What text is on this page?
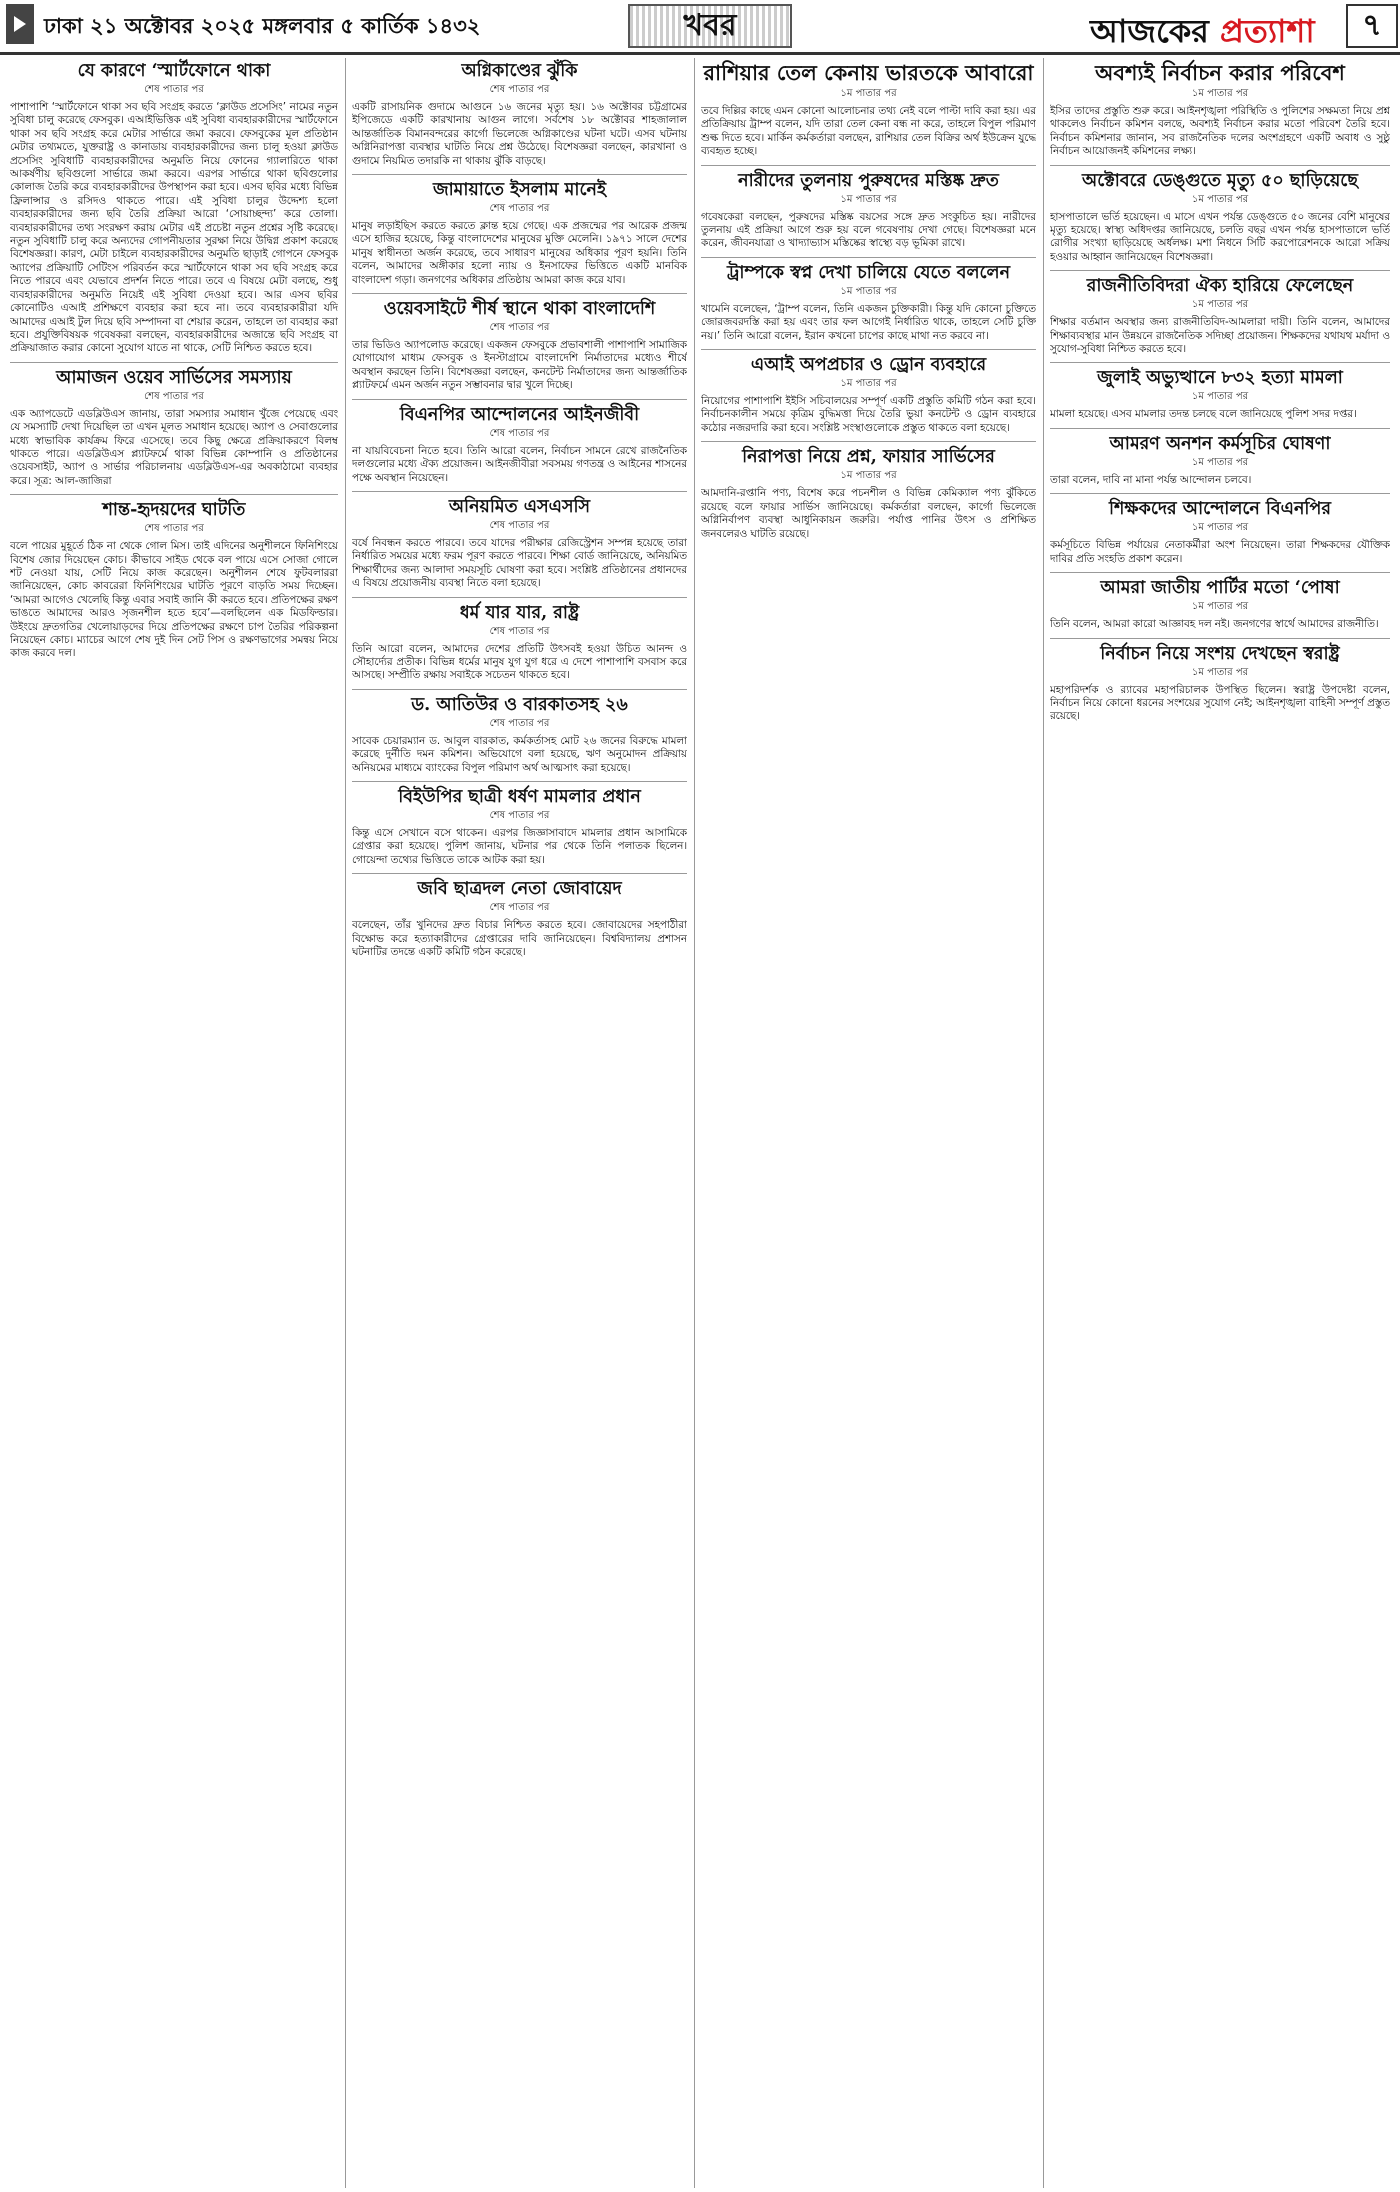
ঢাকা ২১ অক্টোবর ২০২৫ মঙ্গলবার ৫ কার্তিক ১৪৩২	খবর	আজকের প্রত্যাশা	৭
যে কারণে ‘স্মার্টফোনে থাকা
শেষ পাতার পর

পাশাপাশি ‘স্মার্টফোনে থাকা সব ছবি সংগ্রহ করতে ‘ক্লাউড প্রসেসিং’ নামের নতুন সুবিধা চালু করেছে ফেসবুক। এআইভিত্তিক এই সুবিধা ব্যবহারকারীদের স্মার্টফোনে থাকা সব ছবি সংগ্রহ করে মেটার সার্ভারে জমা করবে। ফেসবুকের মূল প্রতিষ্ঠান মেটার তথ্যমতে, যুক্তরাষ্ট্র ও কানাডায় ব্যবহারকারীদের জন্য চালু হওয়া ক্লাউড প্রসেসিং সুবিধাটি ব্যবহারকারীদের অনুমতি নিয়ে ফোনের গ্যালারিতে থাকা আকর্ষণীয় ছবিগুলো সার্ভারে জমা করবে। এরপর সার্ভারে থাকা ছবিগুলোর কোলাজ তৈরি করে ব্যবহারকারীদের উপস্থাপন করা হবে। এসব ছবির মধ্যে বিভিন্ন ফ্রিলান্সার ও রসিদও থাকতে পারে। এই সুবিধা চালুর উদ্দেশ্য হলো ব্যবহারকারীদের জন্য ছবি তৈরি প্রক্রিয়া আরো ‘সোয়াচ্ছন্দ্য’ করে তোলা। ব্যবহারকারীদের তথ্য সংরক্ষণ করায় মেটার এই প্রচেষ্টা নতুন প্রশ্নের সৃষ্টি করেছে। নতুন সুবিধাটি চালু করে অন্যদের গোপনীয়তার সুরক্ষা নিয়ে উদ্বিগ্ন প্রকাশ করেছে বিশেষজ্ঞরা। কারণ, মেটা চাইলে ব্যবহারকারীদের অনুমতি ছাড়াই গোপনে ফেসবুক অ্যাপের প্রক্রিয়াটি সেটিংস পরিবর্তন করে স্মার্টফোনে থাকা সব ছবি সংগ্রহ করে নিতে পারবে এবং যেভাবে প্রদর্শন নিতে পারে। তবে এ বিষয়ে মেটা বলছে, শুধু ব্যবহারকারীদের অনুমতি নিয়েই এই সুবিধা দেওয়া হবে। আর এসব ছবির কোনোটিও এআই প্রশিক্ষণে ব্যবহার করা হবে না। তবে ব্যবহারকারীরা যদি আমাদের এআই টুল দিয়ে ছবি সম্পাদনা বা শেয়ার করেন, তাহলে তা ব্যবহার করা হবে। প্রযুক্তিবিষয়ক গবেষকরা বলছেন, ব্যবহারকারীদের অজান্তে ছবি সংগ্রহ বা প্রক্রিয়াজাত করার কোনো সুযোগ যাতে না থাকে, সেটি নিশ্চিত করতে হবে।

আমাজন ওয়েব সার্ভিসের সমস্যায়
শেষ পাতার পর

এক অ্যাপডেটে এডব্লিউএস জানায়, তারা সমস্যার সমাধান খুঁজে পেয়েছে এবং যে সমস্যাটি দেখা দিয়েছিল তা এখন মূলত সমাধান হয়েছে। অ্যাপ ও সেবাগুলোর মধ্যে স্বাভাবিক কার্যক্রম ফিরে এসেছে। তবে কিছু ক্ষেত্রে প্রক্রিয়াকরণে বিলম্ব থাকতে পারে। এডব্লিউএস প্ল্যাটফর্মে থাকা বিভিন্ন কোম্পানি ও প্রতিষ্ঠানের ওয়েবসাইট, অ্যাপ ও সার্ভার পরিচালনায় এডব্লিউএস-এর অবকাঠামো ব্যবহার করে। সূত্র: আল-জাজিরা

শান্ত-হৃদয়দের ঘাটতি
শেষ পাতার পর

বলে পায়ের মুহূর্তে ঠিক না থেকে গোল মিস। তাই এদিনের অনুশীলনে ফিনিশিংয়ে বিশেষ জোর দিয়েছেন কোচ। কীভাবে সাইড থেকে বল পায়ে এসে সোজা গোলে শট নেওয়া যায়, সেটি নিয়ে কাজ করেছেন। অনুশীলন শেষে ফুটবলাররা জানিয়েছেন, কোচ কাবরেরা ফিনিশিংয়ের ঘাটতি পূরণে বাড়তি সময় দিচ্ছেন। ‘আমরা আগেও খেলেছি কিন্তু এবার সবাই জানি কী করতে হবে। প্রতিপক্ষের রক্ষণ ভাঙতে আমাদের আরও সৃজনশীল হতে হবে’—বলছিলেন এক মিডফিল্ডার। উইংয়ে দ্রুতগতির খেলোয়াড়দের দিয়ে প্রতিপক্ষের রক্ষণে চাপ তৈরির পরিকল্পনা নিয়েছেন কোচ। ম্যাচের আগে শেষ দুই দিন সেট পিস ও রক্ষণভাগের সমন্বয় নিয়ে কাজ করবে দল।

অগ্নিকাণ্ডের ঝুঁকি
শেষ পাতার পর

একটি রাসায়নিক গুদামে আগুনে ১৬ জনের মৃত্যু হয়। ১৬ অক্টোবর চট্টগ্রামের ইপিজেডে একটি কারখানায় আগুন লাগে। সর্বশেষ ১৮ অক্টোবর শাহজালাল আন্তর্জাতিক বিমানবন্দরের কার্গো ভিলেজে অগ্নিকাণ্ডের ঘটনা ঘটে। এসব ঘটনায় অগ্নিনিরাপত্তা ব্যবস্থার ঘাটতি নিয়ে প্রশ্ন উঠেছে। বিশেষজ্ঞরা বলছেন, কারখানা ও গুদামে নিয়মিত তদারকি না থাকায় ঝুঁকি বাড়ছে।

জামায়াতে ইসলাম মানেই
শেষ পাতার পর

মানুষ লড়াইছিস করতে করতে ক্লান্ত হয়ে গেছে। এক প্রজন্মের পর আরেক প্রজন্ম এসে হাজির হয়েছে, কিন্তু বাংলাদেশের মানুষের মুক্তি মেলেনি। ১৯৭১ সালে দেশের মানুষ স্বাধীনতা অর্জন করেছে, তবে সাধারণ মানুষের অধিকার পূরণ হয়নি। তিনি বলেন, আমাদের অঙ্গীকার হলো ন্যায় ও ইনসাফের ভিত্তিতে একটি মানবিক বাংলাদেশ গড়া। জনগণের অধিকার প্রতিষ্ঠায় আমরা কাজ করে যাব।

ওয়েবসাইটে শীর্ষ স্থানে থাকা বাংলাদেশি
শেষ পাতার পর

তার ভিডিও অ্যাপলোড করেছে। একজন ফেসবুকে প্রভাবশালী পাশাপাশি সামাজিক যোগাযোগ মাধ্যম ফেসবুক ও ইনস্টাগ্রামে বাংলাদেশি নির্মাতাদের মধ্যেও শীর্ষে অবস্থান করছেন তিনি। বিশেষজ্ঞরা বলছেন, কনটেন্ট নির্মাতাদের জন্য আন্তর্জাতিক প্ল্যাটফর্মে এমন অর্জন নতুন সম্ভাবনার দ্বার খুলে দিচ্ছে।

বিএনপির আন্দোলনের আইনজীবী
শেষ পাতার পর

না যায়বিবেচনা নিতে হবে। তিনি আরো বলেন, নির্বাচন সামনে রেখে রাজনৈতিক দলগুলোর মধ্যে ঐক্য প্রয়োজন। আইনজীবীরা সবসময় গণতন্ত্র ও আইনের শাসনের পক্ষে অবস্থান নিয়েছেন।

অনিয়মিত এসএসসি
শেষ পাতার পর

বর্ষে নিবন্ধন করতে পারবে। তবে যাদের পরীক্ষার রেজিস্ট্রেশন সম্পন্ন হয়েছে তারা নির্ধারিত সময়ের মধ্যে ফরম পূরণ করতে পারবে। শিক্ষা বোর্ড জানিয়েছে, অনিয়মিত শিক্ষার্থীদের জন্য আলাদা সময়সূচি ঘোষণা করা হবে। সংশ্লিষ্ট প্রতিষ্ঠানের প্রধানদের এ বিষয়ে প্রয়োজনীয় ব্যবস্থা নিতে বলা হয়েছে।

ধর্ম যার যার, রাষ্ট্র
শেষ পাতার পর

তিনি আরো বলেন, আমাদের দেশের প্রতিটি উৎসবই হওয়া উচিত আনন্দ ও সৌহার্দ্যের প্রতীক। বিভিন্ন ধর্মের মানুষ যুগ যুগ ধরে এ দেশে পাশাপাশি বসবাস করে আসছে। সম্প্রীতি রক্ষায় সবাইকে সচেতন থাকতে হবে।

ড. আতিউর ও বারকাতসহ ২৬
শেষ পাতার পর

সাবেক চেয়ারম্যান ড. আবুল বারকাত, কর্মকর্তাসহ মোট ২৬ জনের বিরুদ্ধে মামলা করেছে দুর্নীতি দমন কমিশন। অভিযোগে বলা হয়েছে, ঋণ অনুমোদন প্রক্রিয়ায় অনিয়মের মাধ্যমে ব্যাংকের বিপুল পরিমাণ অর্থ আত্মসাৎ করা হয়েছে।

বিইউপির ছাত্রী ধর্ষণ মামলার প্রধান
শেষ পাতার পর

কিন্তু এসে সেখানে বসে থাকেন। এরপর জিজ্ঞাসাবাদে মামলার প্রধান আসামিকে গ্রেপ্তার করা হয়েছে। পুলিশ জানায়, ঘটনার পর থেকে তিনি পলাতক ছিলেন। গোয়েন্দা তথ্যের ভিত্তিতে তাকে আটক করা হয়।

জবি ছাত্রদল নেতা জোবায়েদ
শেষ পাতার পর

বলেছেন, তাঁর খুনিদের দ্রুত বিচার নিশ্চিত করতে হবে। জোবায়েদের সহপাঠীরা বিক্ষোভ করে হত্যাকারীদের গ্রেপ্তারের দাবি জানিয়েছেন। বিশ্ববিদ্যালয় প্রশাসন ঘটনাটির তদন্তে একটি কমিটি গঠন করেছে।

রাশিয়ার তেল কেনায় ভারতকে আবারো
১ম পাতার পর

তবে দিল্লির কাছে এমন কোনো আলোচনার তথ্য নেই বলে পাল্টা দাবি করা হয়। এর প্রতিক্রিয়ায় ট্রাম্প বলেন, যদি তারা তেল কেনা বন্ধ না করে, তাহলে বিপুল পরিমাণ শুল্ক দিতে হবে। মার্কিন কর্মকর্তারা বলছেন, রাশিয়ার তেল বিক্রির অর্থ ইউক্রেন যুদ্ধে ব্যবহৃত হচ্ছে।

নারীদের তুলনায় পুরুষদের মস্তিষ্ক দ্রুত
১ম পাতার পর

গবেষকেরা বলছেন, পুরুষদের মস্তিষ্ক বয়সের সঙ্গে দ্রুত সংকুচিত হয়। নারীদের তুলনায় এই প্রক্রিয়া আগে শুরু হয় বলে গবেষণায় দেখা গেছে। বিশেষজ্ঞরা মনে করেন, জীবনযাত্রা ও খাদ্যাভ্যাস মস্তিষ্কের স্বাস্থ্যে বড় ভূমিকা রাখে।

ট্রাম্পকে স্বপ্ন দেখা চালিয়ে যেতে বললেন
১ম পাতার পর

খামেনি বলেছেন, ‘ট্রাম্প বলেন, তিনি একজন চুক্তিকারী। কিন্তু যদি কোনো চুক্তিতে জোরজবরদস্তি করা হয় এবং তার ফল আগেই নির্ধারিত থাকে, তাহলে সেটি চুক্তি নয়।’ তিনি আরো বলেন, ইরান কখনো চাপের কাছে মাথা নত করবে না।

এআই অপপ্রচার ও ড্রোন ব্যবহারে
১ম পাতার পর

নিয়োগের পাশাপাশি ইইসি সচিবালয়ের সম্পূর্ণ একটি প্রস্তুতি কমিটি গঠন করা হবে। নির্বাচনকালীন সময়ে কৃত্রিম বুদ্ধিমত্তা দিয়ে তৈরি ভুয়া কনটেন্ট ও ড্রোন ব্যবহারে কঠোর নজরদারি করা হবে। সংশ্লিষ্ট সংস্থাগুলোকে প্রস্তুত থাকতে বলা হয়েছে।

নিরাপত্তা নিয়ে প্রশ্ন, ফায়ার সার্ভিসের
১ম পাতার পর

আমদানি-রপ্তানি পণ্য, বিশেষ করে পচনশীল ও বিভিন্ন কেমিক্যাল পণ্য ঝুঁকিতে রয়েছে বলে ফায়ার সার্ভিস জানিয়েছে। কর্মকর্তারা বলছেন, কার্গো ভিলেজে অগ্নিনির্বাপণ ব্যবস্থা আধুনিকায়ন জরুরি। পর্যাপ্ত পানির উৎস ও প্রশিক্ষিত জনবলেরও ঘাটতি রয়েছে।

অবশ্যই নির্বাচন করার পরিবেশ
১ম পাতার পর

ইসির তাদের প্রস্তুতি শুরু করে। আইনশৃঙ্খলা পরিস্থিতি ও পুলিশের সক্ষমতা নিয়ে প্রশ্ন থাকলেও নির্বাচন কমিশন বলছে, অবশ্যই নির্বাচন করার মতো পরিবেশ তৈরি হবে। নির্বাচন কমিশনার জানান, সব রাজনৈতিক দলের অংশগ্রহণে একটি অবাধ ও সুষ্ঠু নির্বাচন আয়োজনই কমিশনের লক্ষ্য।

অক্টোবরে ডেঙ্গুতে মৃত্যু ৫০ ছাড়িয়েছে
১ম পাতার পর

হাসপাতালে ভর্তি হয়েছেন। এ মাসে এখন পর্যন্ত ডেঙ্গুতে ৫০ জনের বেশি মানুষের মৃত্যু হয়েছে। স্বাস্থ্য অধিদপ্তর জানিয়েছে, চলতি বছর এখন পর্যন্ত হাসপাতালে ভর্তি রোগীর সংখ্যা ছাড়িয়েছে অর্ধলক্ষ। মশা নিধনে সিটি করপোরেশনকে আরো সক্রিয় হওয়ার আহ্বান জানিয়েছেন বিশেষজ্ঞরা।

রাজনীতিবিদরা ঐক্য হারিয়ে ফেলেছেন
১ম পাতার পর

শিক্ষার বর্তমান অবস্থার জন্য রাজনীতিবিদ-আমলারা দায়ী। তিনি বলেন, আমাদের শিক্ষাব্যবস্থার মান উন্নয়নে রাজনৈতিক সদিচ্ছা প্রয়োজন। শিক্ষকদের যথাযথ মর্যাদা ও সুযোগ-সুবিধা নিশ্চিত করতে হবে।

জুলাই অভ্যুত্থানে ৮৩২ হত্যা মামলা
১ম পাতার পর

মামলা হয়েছে। এসব মামলার তদন্ত চলছে বলে জানিয়েছে পুলিশ সদর দপ্তর।

আমরণ অনশন কর্মসূচির ঘোষণা
১ম পাতার পর

তারা বলেন, দাবি না মানা পর্যন্ত আন্দোলন চলবে।

শিক্ষকদের আন্দোলনে বিএনপির
১ম পাতার পর

কর্মসূচিতে বিভিন্ন পর্যায়ের নেতাকর্মীরা অংশ নিয়েছেন। তারা শিক্ষকদের যৌক্তিক দাবির প্রতি সংহতি প্রকাশ করেন।

আমরা জাতীয় পার্টির মতো ‘পোষা
১ম পাতার পর

তিনি বলেন, আমরা কারো আজ্ঞাবহ দল নই। জনগণের স্বার্থে আমাদের রাজনীতি।

নির্বাচন নিয়ে সংশয় দেখছেন স্বরাষ্ট্র
১ম পাতার পর

মহাপরিদর্শক ও র‌্যাবের মহাপরিচালক উপস্থিত ছিলেন। স্বরাষ্ট্র উপদেষ্টা বলেন, নির্বাচন নিয়ে কোনো ধরনের সংশয়ের সুযোগ নেই; আইনশৃঙ্খলা বাহিনী সম্পূর্ণ প্রস্তুত রয়েছে।
